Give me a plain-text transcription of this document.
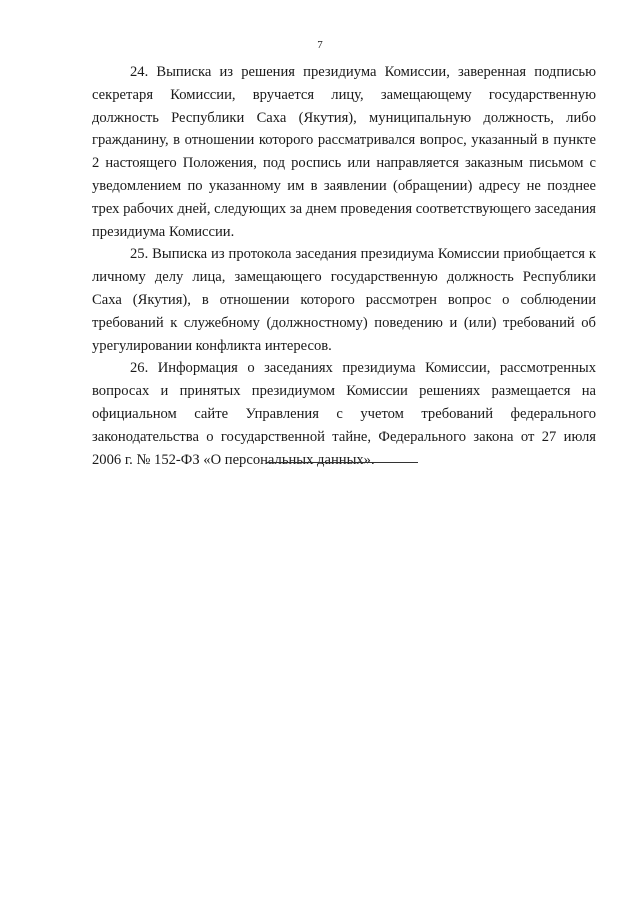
7

24. Выписка из решения президиума Комиссии, заверенная подписью секретаря Комиссии, вручается лицу, замещающему государственную должность Республики Саха (Якутия), муниципальную должность, либо гражданину, в отношении которого рассматривался вопрос, указанный в пункте 2 настоящего Положения, под роспись или направляется заказным письмом с уведомлением по указанному им в заявлении (обращении) адресу не позднее трех рабочих дней, следующих за днем проведения соответствующего заседания президиума Комиссии.

25. Выписка из протокола заседания президиума Комиссии приобщается к личному делу лица, замещающего государственную должность Республики Саха (Якутия), в отношении которого рассмотрен вопрос о соблюдении требований к служебному (должностному) поведению и (или) требований об урегулировании конфликта интересов.

26. Информация о заседаниях президиума Комиссии, рассмотренных вопросах и принятых президиумом Комиссии решениях размещается на официальном сайте Управления с учетом требований федерального законодательства о государственной тайне, Федерального закона от 27 июля 2006 г. № 152-ФЗ «О персональных данных».
